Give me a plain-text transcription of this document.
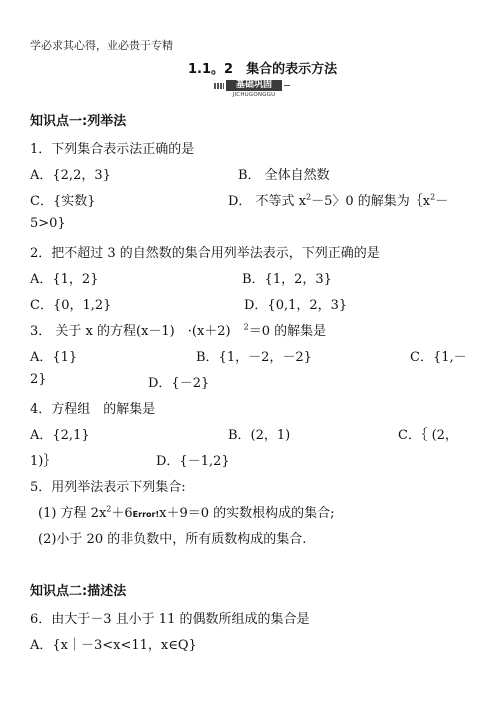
学必求其心得，业必贵于专精
1.1。2　集合的表示方法
基础巩固
JICHUGONGGU
知识点一:列举法
1．下列集合表示法正确的是
A．{2,2，3}	B． 全体自然数
C．{实数}	D． 不等式 $x^2-5$〉0 的解集为$\{x^2-$
5>0}
2．把不超过 3 的自然数的集合用列举法表示，下列正确的是
A．{1，2}	B．{1，2，3}
C．{0，1,2}	D．{0,1，2，3}
3． 关于 x 的方程(x－1)　·(x＋2)　$^2$＝0 的解集是
A．{1}	B．{1，－2，－2}	C．{1,－
2}	D．{－2}
4．方程组　的解集是
A．{2,1}	B．(2，1)	C．｛ (2，
1)｝	D．{－1,2}
5．用列举法表示下列集合:
(1) 方程 $2x^2+6Error!x+9=0$ 的实数根构成的集合;
(2)小于 20 的非负数中，所有质数构成的集合.
知识点二:描述法
6．由大于－3 且小于 11 的偶数所组成的集合是
A．{x｜－3<x<11，x∈Q}
